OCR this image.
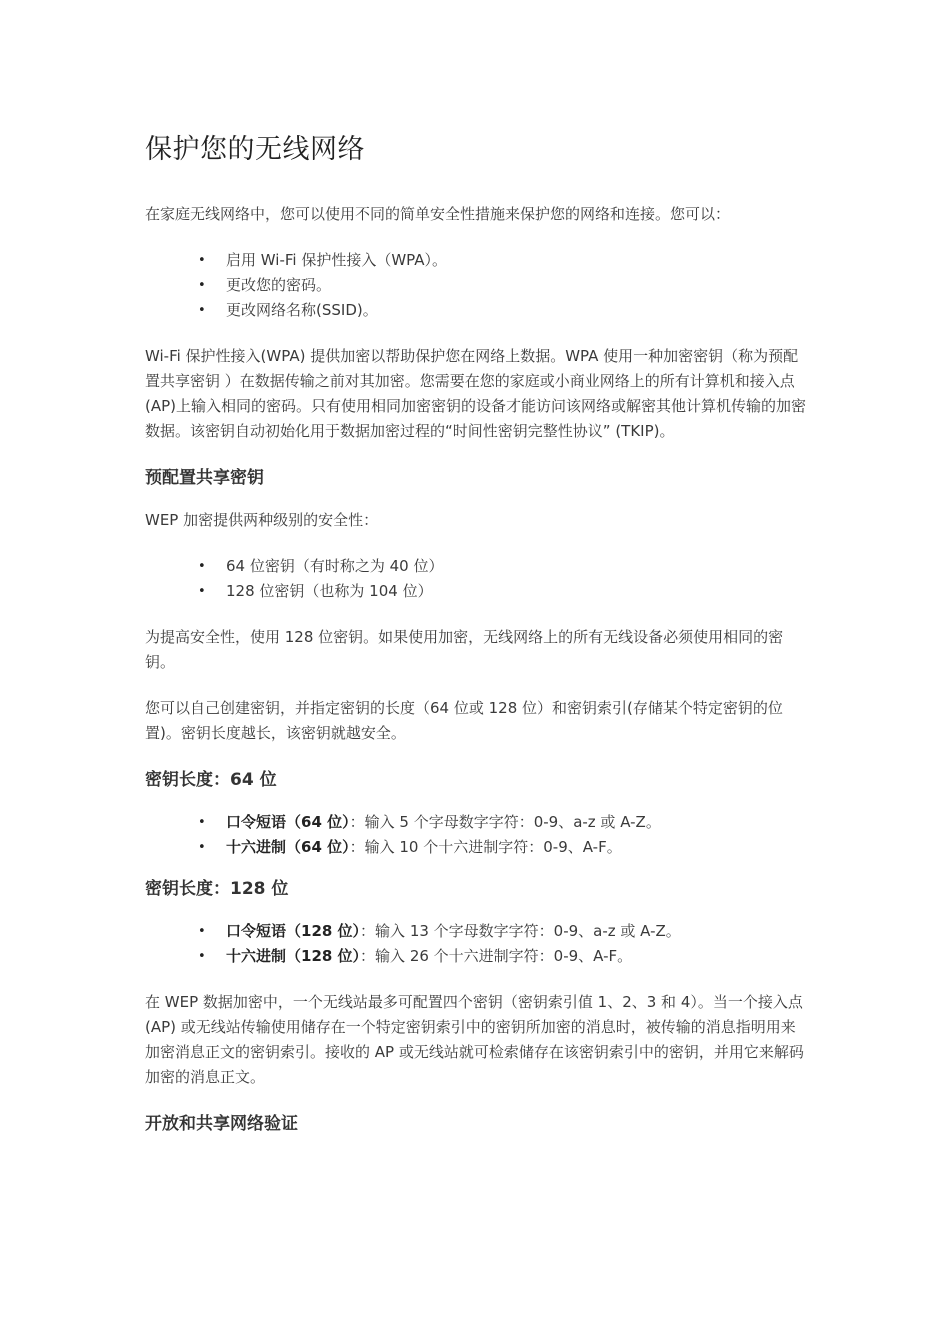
保护您的无线网络

在家庭无线网络中，您可以使用不同的简单安全性措施来保护您的网络和连接。您可以：

• 启用 Wi-Fi 保护性接入（WPA）。
• 更改您的密码。
• 更改网络名称(SSID)。

Wi-Fi 保护性接入(WPA) 提供加密以帮助保护您在网络上数据。WPA 使用一种加密密钥（称为预配置共享密钥 ）在数据传输之前对其加密。您需要在您的家庭或小商业网络上的所有计算机和接入点(AP)上输入相同的密码。只有使用相同加密密钥的设备才能访问该网络或解密其他计算机传输的加密数据。该密钥自动初始化用于数据加密过程的“时间性密钥完整性协议” (TKIP)。

预配置共享密钥

WEP 加密提供两种级别的安全性：

• 64 位密钥（有时称之为 40 位）
• 128 位密钥（也称为 104 位）

为提高安全性，使用 128 位密钥。如果使用加密，无线网络上的所有无线设备必须使用相同的密钥。

您可以自己创建密钥，并指定密钥的长度（64 位或 128 位）和密钥索引(存储某个特定密钥的位置)。密钥长度越长，该密钥就越安全。

密钥长度：64 位
• 口令短语（64 位）：输入 5 个字母数字字符：0-9、a-z 或 A-Z。
• 十六进制（64 位）：输入 10 个十六进制字符：0-9、A-F。
密钥长度：128 位
• 口令短语（128 位）：输入 13 个字母数字字符：0-9、a-z 或 A-Z。
• 十六进制（128 位）：输入 26 个十六进制字符：0-9、A-F。

在 WEP 数据加密中，一个无线站最多可配置四个密钥（密钥索引值 1、2、3 和 4）。当一个接入点 (AP) 或无线站传输使用储存在一个特定密钥索引中的密钥所加密的消息时，被传输的消息指明用来加密消息正文的密钥索引。接收的 AP 或无线站就可检索储存在该密钥索引中的密钥，并用它来解码加密的消息正文。

开放和共享网络验证
